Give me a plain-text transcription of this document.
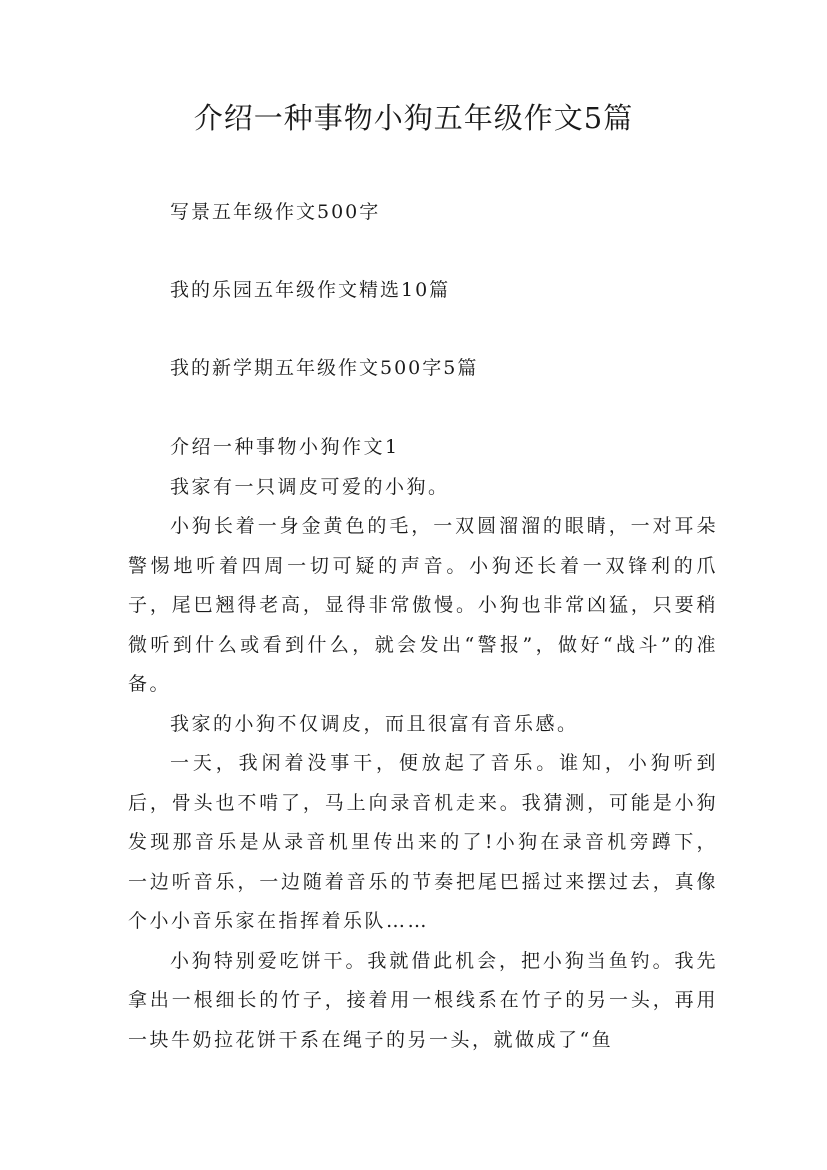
介绍一种事物小狗五年级作文5篇
写景五年级作文500字
我的乐园五年级作文精选10篇
我的新学期五年级作文500字5篇

介绍一种事物小狗作文1

我家有一只调皮可爱的小狗。

小狗长着一身金黄色的毛，一双圆溜溜的眼睛，一对耳朵警惕地听着四周一切可疑的声音。小狗还长着一双锋利的爪子，尾巴翘得老高，显得非常傲慢。小狗也非常凶猛，只要稍微听到什么或看到什么，就会发出“警报”，做好“战斗”的准备。

我家的小狗不仅调皮，而且很富有音乐感。

一天，我闲着没事干，便放起了音乐。谁知，小狗听到后，骨头也不啃了，马上向录音机走来。我猜测，可能是小狗发现那音乐是从录音机里传出来的了!小狗在录音机旁蹲下，一边听音乐，一边随着音乐的节奏把尾巴摇过来摆过去，真像个小小音乐家在指挥着乐队……

小狗特别爱吃饼干。我就借此机会，把小狗当鱼钓。我先拿出一根细长的竹子，接着用一根线系在竹子的另一头，再用一块牛奶拉花饼干系在绳子的另一头，就做成了“鱼
